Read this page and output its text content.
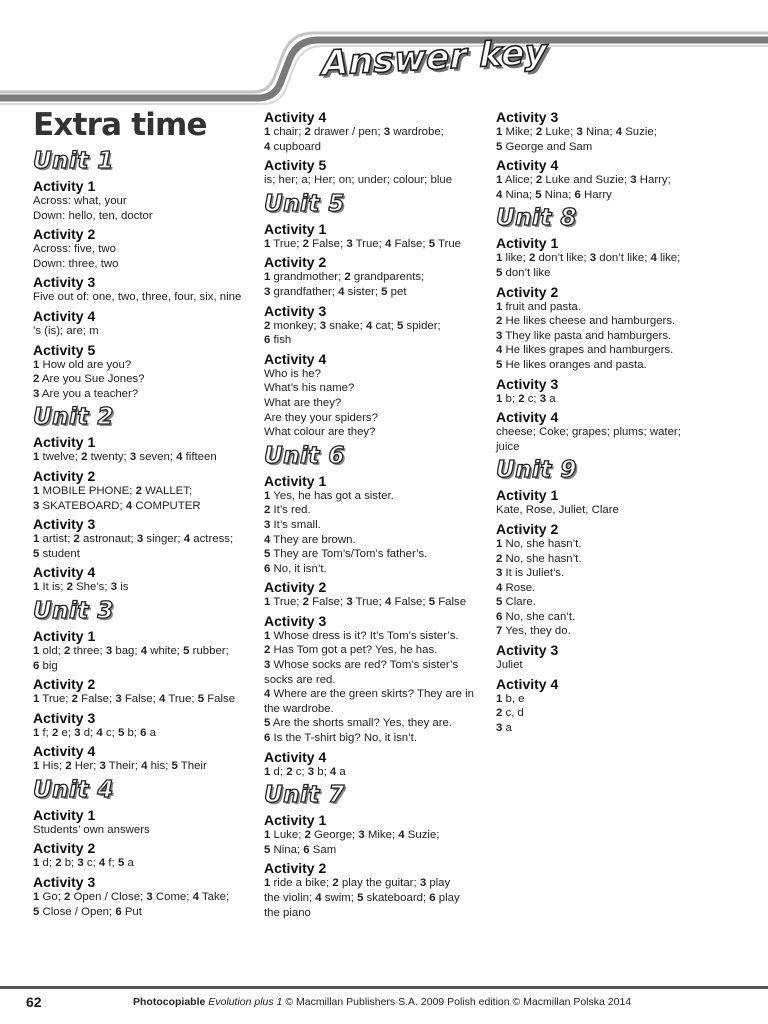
Answer key
Extra time
Unit 1
Activity 1
Across: what, your
Down: hello, ten, doctor
Activity 2
Across: five, two
Down: three, two
Activity 3
Five out of: one, two, three, four, six, nine
Activity 4
’s (is); are; m
Activity 5
1 How old are you?
2 Are you Sue Jones?
3 Are you a teacher?
Unit 2
Activity 1
1 twelve; 2 twenty; 3 seven; 4 fifteen
Activity 2
1 MOBILE PHONE; 2 WALLET;
3 SKATEBOARD; 4 COMPUTER
Activity 3
1 artist; 2 astronaut; 3 singer; 4 actress;
5 student
Activity 4
1 It is; 2 She’s; 3 is
Unit 3
Activity 1
1 old; 2 three; 3 bag; 4 white; 5 rubber;
6 big
Activity 2
1 True; 2 False; 3 False; 4 True; 5 False
Activity 3
1 f; 2 e; 3 d; 4 c; 5 b; 6 a
Activity 4
1 His; 2 Her; 3 Their; 4 his; 5 Their
Unit 4
Activity 1
Students’ own answers
Activity 2
1 d; 2 b; 3 c; 4 f; 5 a
Activity 3
1 Go; 2 Open / Close; 3 Come; 4 Take;
5 Close / Open; 6 Put
Activity 4
1 chair; 2 drawer / pen; 3 wardrobe;
4 cupboard
Activity 5
is; her; a; Her; on; under; colour; blue
Unit 5
Activity 1
1 True; 2 False; 3 True; 4 False; 5 True
Activity 2
1 grandmother; 2 grandparents;
3 grandfather; 4 sister; 5 pet
Activity 3
2 monkey; 3 snake; 4 cat; 5 spider;
6 fish
Activity 4
Who is he?
What’s his name?
What are they?
Are they your spiders?
What colour are they?
Unit 6
Activity 1
1 Yes, he has got a sister.
2 It’s red.
3 It’s small.
4 They are brown.
5 They are Tom’s/Tom’s father’s.
6 No, it isn’t.
Activity 2
1 True; 2 False; 3 True; 4 False; 5 False
Activity 3
1 Whose dress is it? It’s Tom’s sister’s.
2 Has Tom got a pet? Yes, he has.
3 Whose socks are red? Tom’s sister’s
socks are red.
4 Where are the green skirts? They are in
the wardrobe.
5 Are the shorts small? Yes, they are.
6 Is the T-shirt big? No, it isn’t.
Activity 4
1 d; 2 c; 3 b; 4 a
Unit 7
Activity 1
1 Luke; 2 George; 3 Mike; 4 Suzie;
5 Nina; 6 Sam
Activity 2
1 ride a bike; 2 play the guitar; 3 play
the violin; 4 swim; 5 skateboard; 6 play
the piano
Activity 3
1 Mike; 2 Luke; 3 Nina; 4 Suzie;
5 George and Sam
Activity 4
1 Alice; 2 Luke and Suzie; 3 Harry;
4 Nina; 5 Nina; 6 Harry
Unit 8
Activity 1
1 like; 2 don’t like; 3 don’t like; 4 like;
5 don’t like
Activity 2
1 fruit and pasta.
2 He likes cheese and hamburgers.
3 They like pasta and hamburgers.
4 He likes grapes and hamburgers.
5 He likes oranges and pasta.
Activity 3
1 b; 2 c; 3 a
Activity 4
cheese; Coke; grapes; plums; water;
juice
Unit 9
Activity 1
Kate, Rose, Juliet, Clare
Activity 2
1 No, she hasn’t.
2 No, she hasn’t.
3 It is Juliet’s.
4 Rose.
5 Clare.
6 No, she can’t.
7 Yes, they do.
Activity 3
Juliet
Activity 4
1 b, e
2 c, d
3 a
62	Photocopiable Evolution plus 1 © Macmillan Publishers S.A. 2009 Polish edition © Macmillan Polska 2014
